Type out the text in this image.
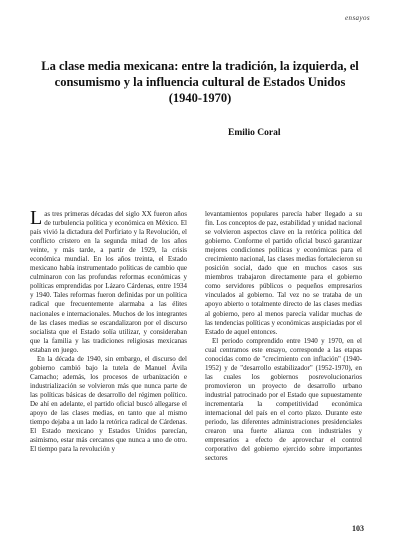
ensayos
La clase media mexicana: entre la tradición, la izquierda, el consumismo y la influencia cultural de Estados Unidos (1940-1970)
Emilio Coral

Las tres primeras décadas del siglo XX fueron años de turbulencia política y económica en México. El país vivió la dictadura del Porfiriato y la Revolución, el conflicto cristero en la segunda mitad de los años veinte, y más tarde, a partir de 1929, la crisis económica mundial. En los años treinta, el Estado mexicano había instrumentado políticas de cambio que culminaron con las profundas reformas económicas y políticas emprendidas por Lázaro Cárdenas, entre 1934 y 1940. Tales reformas fueron definidas por un política radical que frecuentemente alarmaba a las élites nacionales e internacionales. Muchos de los integrantes de las clases medias se escandalizaron por el discurso socialista que el Estado solía utilizar, y consideraban que la familia y las tradiciones religiosas mexicanas estaban en juego.

En la década de 1940, sin embargo, el discurso del gobierno cambió bajo la tutela de Manuel Ávila Camacho; además, los procesos de urbanización e industrialización se volvieron más que nunca parte de las políticas básicas de desarrollo del régimen político. De ahí en adelante, el partido oficial buscó allegarse el apoyo de las clases medias, en tanto que al mismo tiempo dejaba a un lado la retórica radical de Cárdenas. El Estado mexicano y Estados Unidos parecían, asimismo, estar más cercanos que nunca a uno de otro. El tiempo para la revolución y

levantamientos populares parecía haber llegado a su fin. Los conceptos de paz, estabilidad y unidad nacional se volvieron aspectos clave en la retórica política del gobierno. Conforme el partido oficial buscó garantizar mejores condiciones políticas y económicas para el crecimiento nacional, las clases medias fortalecieron su posición social, dado que en muchos casos sus miembros trabajaron directamente para el gobierno como servidores públicos o pequeños empresarios vinculados al gobierno. Tal vez no se trataba de un apoyo abierto o totalmente directo de las clases medias al gobierno, pero al menos parecía validar muchas de las tendencias políticas y económicas auspiciadas por el Estado de aquel entonces.

El periodo comprendido entre 1940 y 1970, en el cual centramos este ensayo, corresponde a las etapas conocidas como de "crecimiento con inflación" (1940-1952) y de "desarrollo estabilizador" (1952-1970), en las cuales los gobiernos posrevolucionarios promovieron un proyecto de desarrollo urbano industrial patrocinado por el Estado que supuestamente incrementaría la competitividad económica internacional del país en el corto plazo. Durante este periodo, las diferentes administraciones presidenciales crearon una fuerte alianza con industriales y empresarios a efecto de aprovechar el control corporativo del gobierno ejercido sobre importantes sectores

103
